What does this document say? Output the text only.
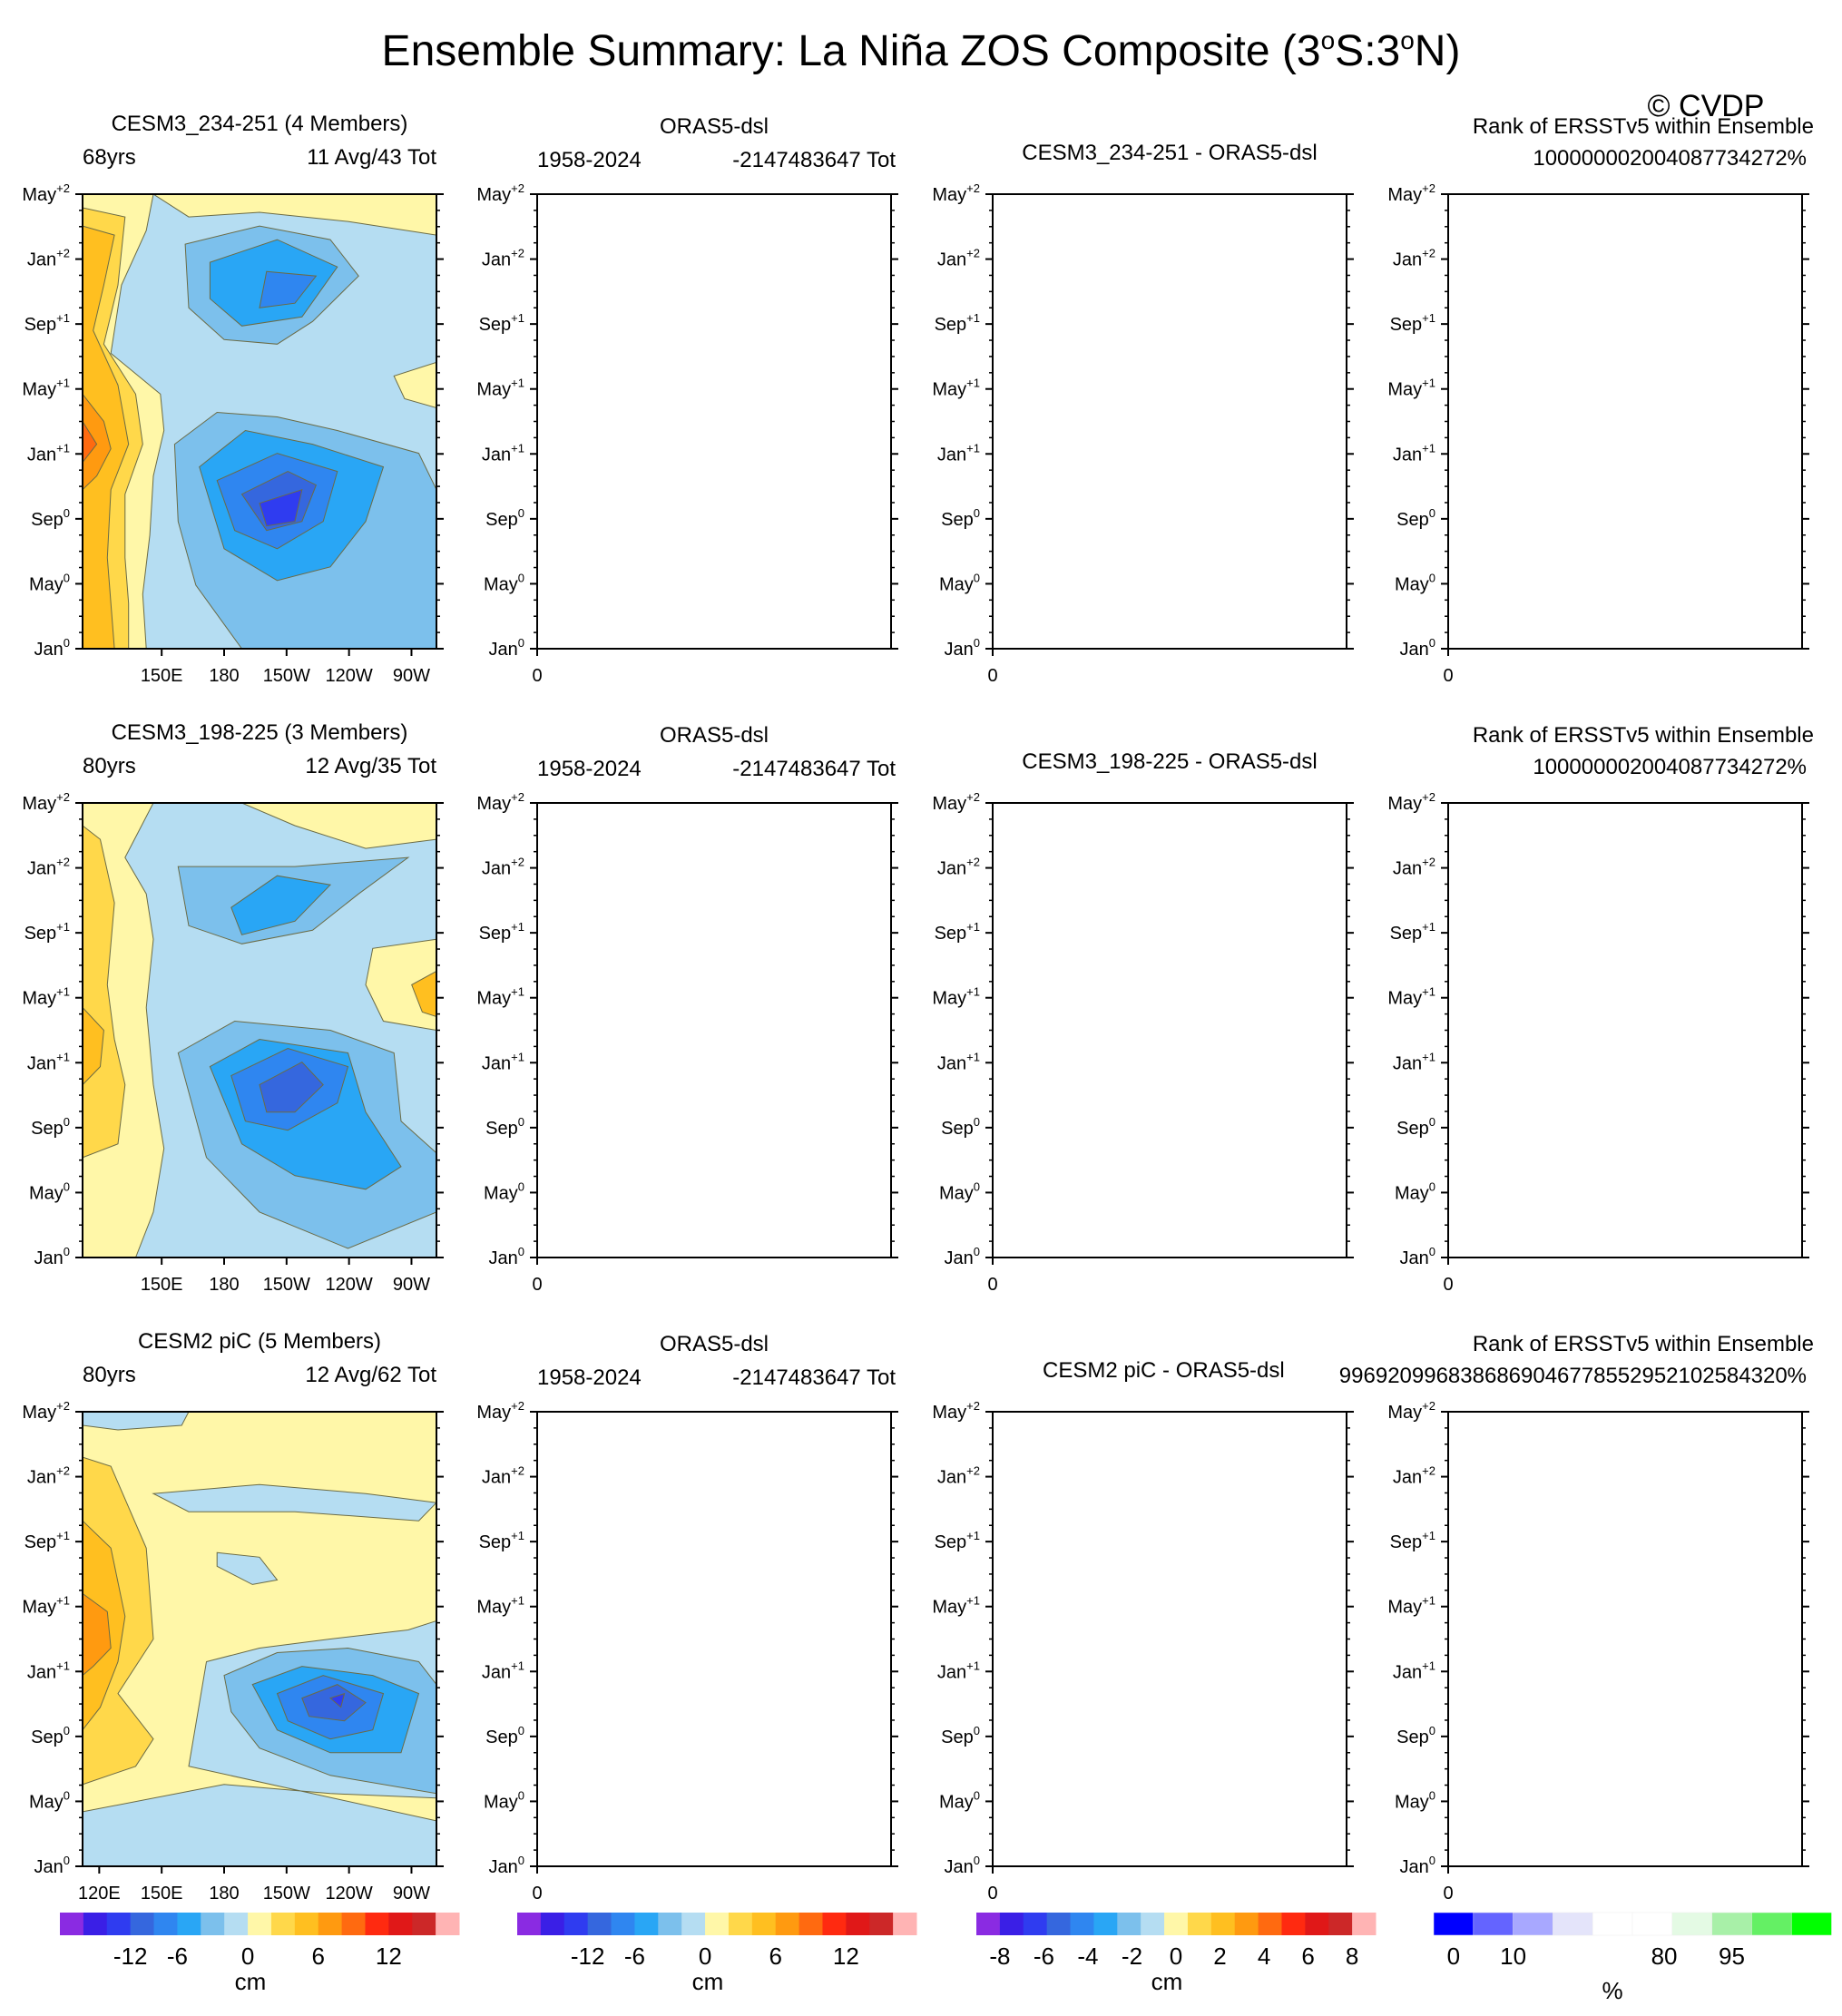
Ensemble Summary: La Niña ZOS Composite (3$^o$S:3$^o$N)
© CVDP
Jan$^0$
May$^0$
Sep$^0$
Jan$^{+1}$
May$^{+1}$
Sep$^{+1}$
Jan$^{+2}$
May$^{+2}$
150E 180 150W 120W 90W
CESM3_234-251 (4 Members)
68yrs	11 Avg/43 Tot
Jan$^0$
May$^0$
Sep$^0$
Jan$^{+1}$
May$^{+1}$
Sep$^{+1}$
Jan$^{+2}$
May$^{+2}$
0
ORAS5-dsl
1958-2024	-2147483647 Tot
Jan$^0$
May$^0$
Sep$^0$
Jan$^{+1}$
May$^{+1}$
Sep$^{+1}$
Jan$^{+2}$
May$^{+2}$
0
CESM3_234-251 - ORAS5-dsl
Jan$^0$
May$^0$
Sep$^0$
Jan$^{+1}$
May$^{+1}$
Sep$^{+1}$
Jan$^{+2}$
May$^{+2}$
0
Rank of ERSSTv5 within Ensemble
100000002004087734272%
Jan$^0$
May$^0$
Sep$^0$
Jan$^{+1}$
May$^{+1}$
Sep$^{+1}$
Jan$^{+2}$
May$^{+2}$
150E 180 150W 120W 90W
CESM3_198-225 (3 Members)
80yrs	12 Avg/35 Tot
Jan$^0$
May$^0$
Sep$^0$
Jan$^{+1}$
May$^{+1}$
Sep$^{+1}$
Jan$^{+2}$
May$^{+2}$
0
ORAS5-dsl
1958-2024	-2147483647 Tot
Jan$^0$
May$^0$
Sep$^0$
Jan$^{+1}$
May$^{+1}$
Sep$^{+1}$
Jan$^{+2}$
May$^{+2}$
0
CESM3_198-225 - ORAS5-dsl
Jan$^0$
May$^0$
Sep$^0$
Jan$^{+1}$
May$^{+1}$
Sep$^{+1}$
Jan$^{+2}$
May$^{+2}$
0
Rank of ERSSTv5 within Ensemble
100000002004087734272%
Jan$^0$
May$^0$
Sep$^0$
Jan$^{+1}$
May$^{+1}$
Sep$^{+1}$
Jan$^{+2}$
May$^{+2}$
120E 150E 180 150W 120W 90W
CESM2 piC (5 Members)
80yrs	12 Avg/62 Tot
Jan$^0$
May$^0$
Sep$^0$
Jan$^{+1}$
May$^{+1}$
Sep$^{+1}$
Jan$^{+2}$
May$^{+2}$
0
ORAS5-dsl
1958-2024	-2147483647 Tot
Jan$^0$
May$^0$
Sep$^0$
Jan$^{+1}$
May$^{+1}$
Sep$^{+1}$
Jan$^{+2}$
May$^{+2}$
0
CESM2 piC - ORAS5-dsl
Jan$^0$
May$^0$
Sep$^0$
Jan$^{+1}$
May$^{+1}$
Sep$^{+1}$
Jan$^{+2}$
May$^{+2}$
0
Rank of ERSSTv5 within Ensemble
9969209968386869046778552952102584320%
-12 -6 0 6 12
cm
-12 -6 0 6 12
cm
-8 -6 -4 -2 0 2 4 6 8
cm
0 10	80 95
%
